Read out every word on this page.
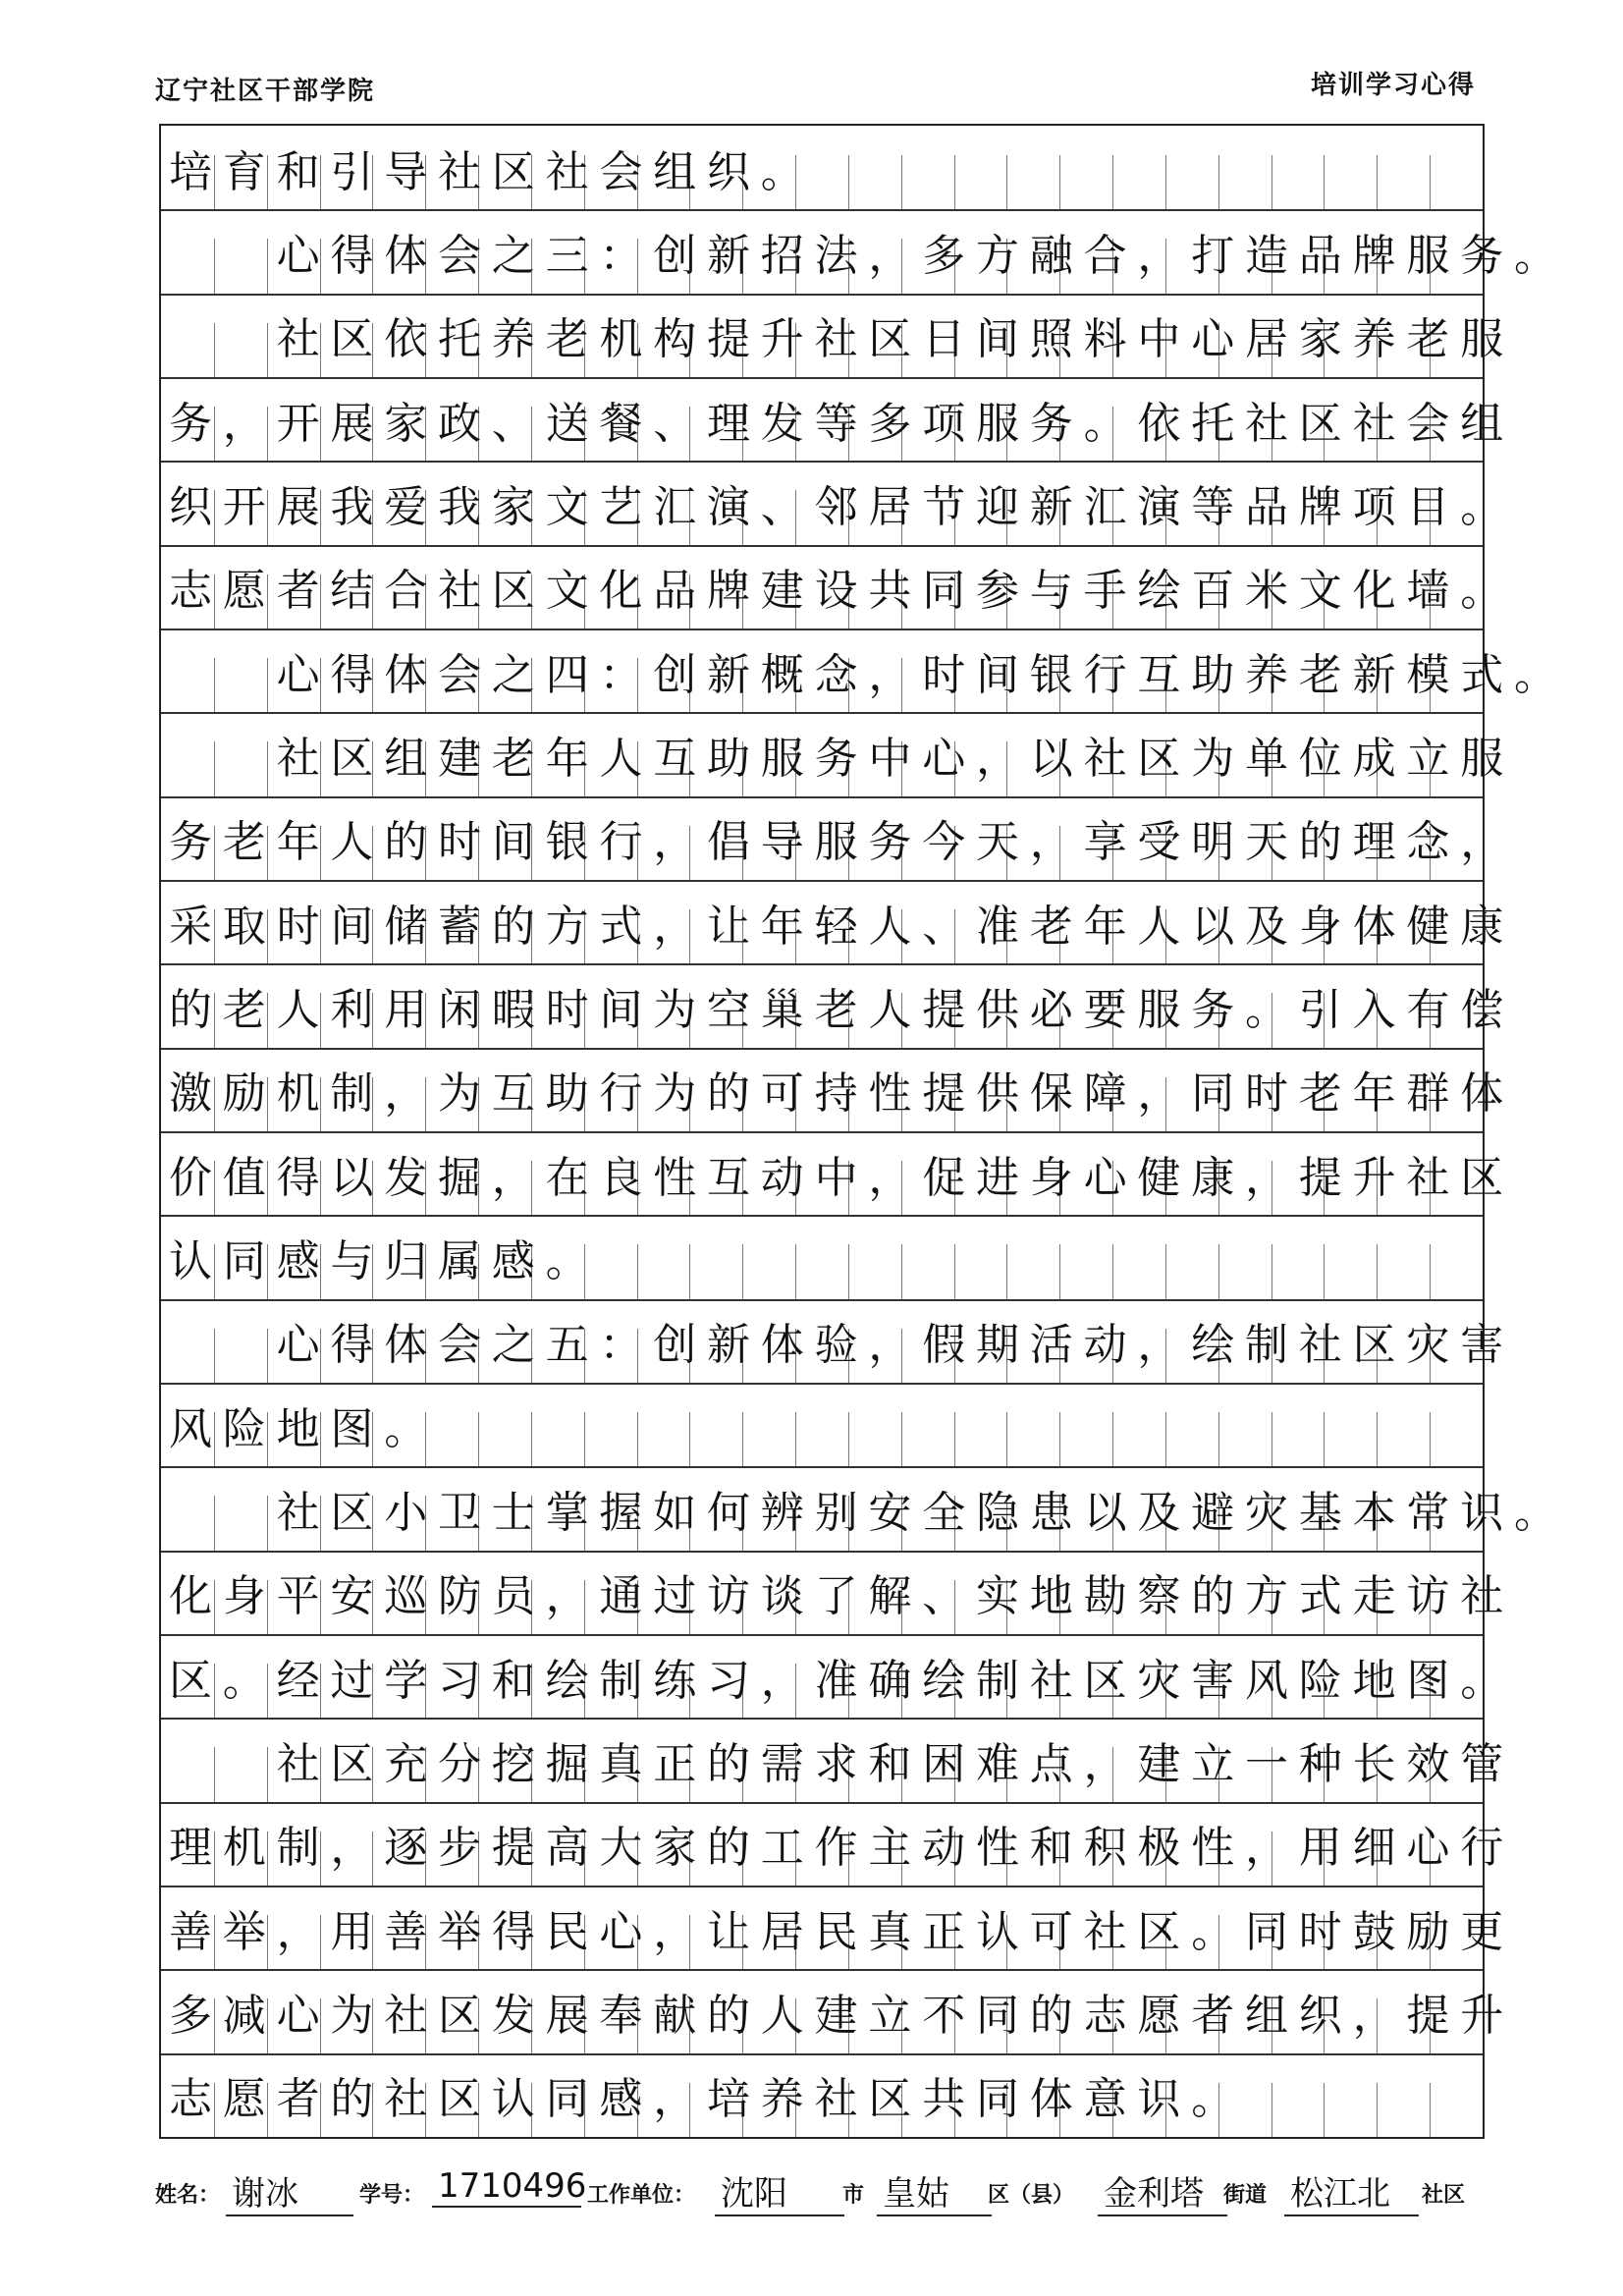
辽宁社区干部学院	培训学习心得
培育和引导社区社会组织。
　　心得体会之三：创新招法，多方融合，打造品牌服务。
　　社区依托养老机构提升社区日间照料中心居家养老服
务，开展家政、送餐、理发等多项服务。依托社区社会组
织开展我爱我家文艺汇演、邻居节迎新汇演等品牌项目。
志愿者结合社区文化品牌建设共同参与手绘百米文化墙。
　　心得体会之四：创新概念，时间银行互助养老新模式。
　　社区组建老年人互助服务中心，以社区为单位成立服
务老年人的时间银行，倡导服务今天，享受明天的理念，
采取时间储蓄的方式，让年轻人、准老年人以及身体健康
的老人利用闲暇时间为空巢老人提供必要服务。引入有偿
激励机制，为互助行为的可持性提供保障，同时老年群体
价值得以发掘，在良性互动中，促进身心健康，提升社区
认同感与归属感。
　　心得体会之五：创新体验，假期活动，绘制社区灾害
风险地图。
　　社区小卫士掌握如何辨别安全隐患以及避灾基本常识。
化身平安巡防员，通过访谈了解、实地勘察的方式走访社
区。经过学习和绘制练习，准确绘制社区灾害风险地图。
　　社区充分挖掘真正的需求和困难点，建立一种长效管
理机制，逐步提高大家的工作主动性和积极性，用细心行
善举，用善举得民心，让居民真正认可社区。同时鼓励更
多减心为社区发展奉献的人建立不同的志愿者组织，提升
志愿者的社区认同感，培养社区共同体意识。
姓名： 谢冰	学号： 1710496 工作单位： 沈阳	市 皇姑	区（县） 金利塔 街道 松江北	社区
